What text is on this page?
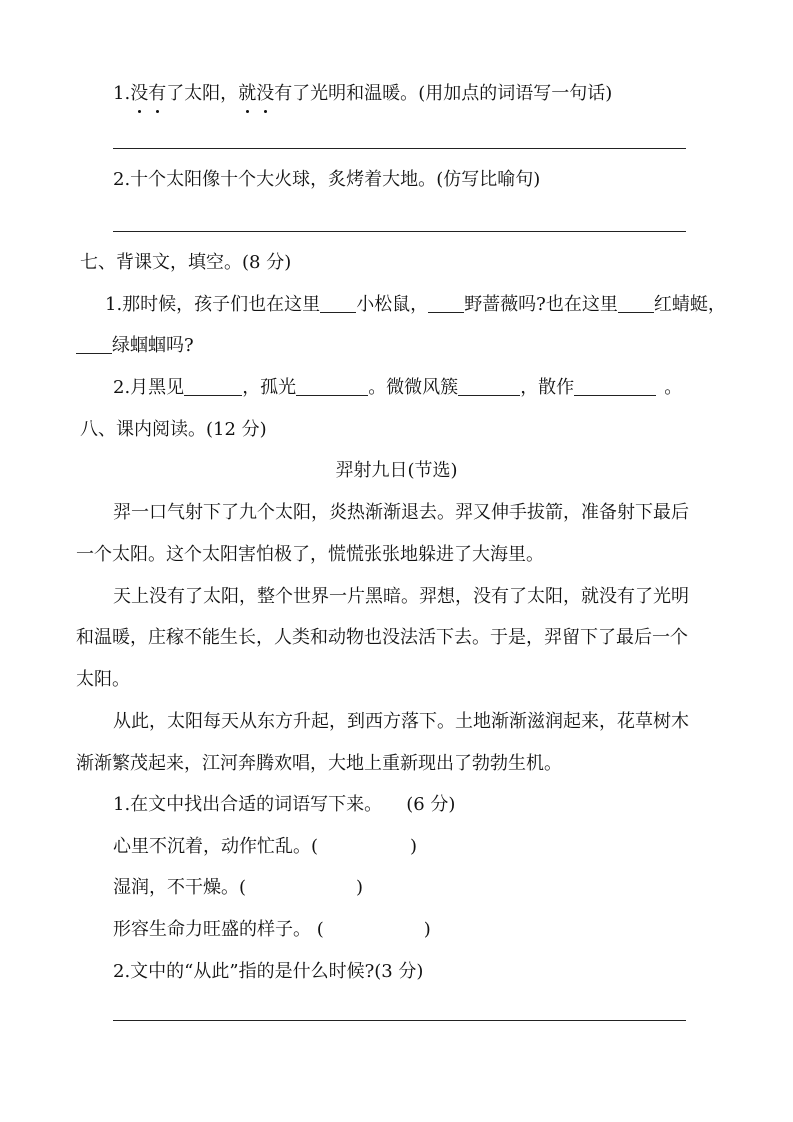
1.没有了太阳，就没有了光明和温暖。(用加点的词语写一句话)
2.十个太阳像十个大火球，炙烤着大地。(仿写比喻句)
七、背课文，填空。(8 分)
1.那时候，孩子们也在这里 小松鼠， 野蔷薇吗?也在这里 红蜻蜓，
绿蝈蝈吗?
2.月黑见	，孤光	。微微风簇	，散作	。
八、课内阅读。(12 分)
羿射九日(节选)
羿一口气射下了九个太阳，炎热渐渐退去。羿又伸手拔箭，准备射下最后
一个太阳。这个太阳害怕极了，慌慌张张地躲进了大海里。
天上没有了太阳，整个世界一片黑暗。羿想，没有了太阳，就没有了光明
和温暖，庄稼不能生长，人类和动物也没法活下去。于是，羿留下了最后一个
太阳。
从此，太阳每天从东方升起，到西方落下。土地渐渐滋润起来，花草树木
渐渐繁茂起来，江河奔腾欢唱，大地上重新现出了勃勃生机。
1.在文中找出合适的词语写下来。 (6 分)
心里不沉着，动作忙乱。(	)
湿润，不干燥。(	)
形容生命力旺盛的样子。 (	)
2.文中的“从此”指的是什么时候?(3 分)
